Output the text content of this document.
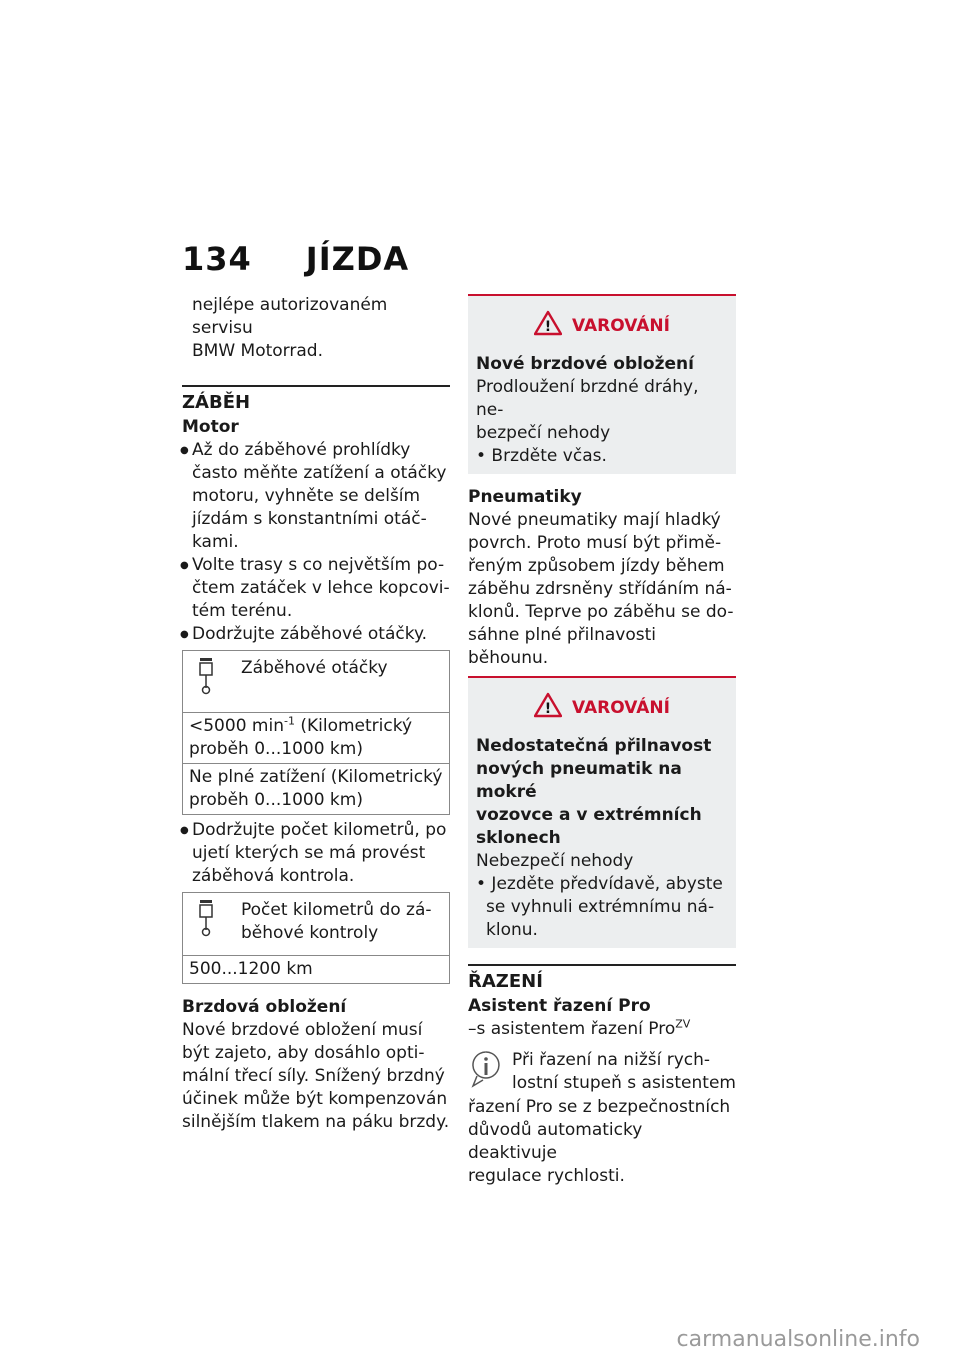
134 JÍZDA

nejlépe autorizovaném servisu

BMW Motorrad.

ZÁBĚH
Motor
● Až do záběhové prohlídky
často měňte zatížení a otáčky
motoru, vyhněte se delším
jízdám s konstantními otáč-
kami.
● Volte trasy s co největším po-
čtem zatáček v lehce kopcovi-
tém terénu.
● Dodržujte záběhové otáčky.
Záběhové otáčky
<5000 $\min^{-1}$ (Kilometrický
proběh 0...1000 km)
Ne plné zatížení (Kilometrický
proběh 0...1000 km)
● Dodržujte počet kilometrů, po
ujetí kterých se má provést
záběhová kontrola.
Počet kilometrů do zá-
běhové kontroly
500...1200 km
Brzdová obložení

Nové brzdové obložení musí

být zajeto, aby dosáhlo opti-

mální třecí síly. Snížený brzdný

účinek může být kompenzován

silnějším tlakem na páku brzdy.

! VAROVÁNÍ
Nové brzdové obložení

Prodloužení brzdné dráhy, ne-

bezpečí nehody

• Brzděte včas.

Pneumatiky

Nové pneumatiky mají hladký

povrch. Proto musí být přimě-

řeným způsobem jízdy během

záběhu zdrsněny střídáním ná-

klonů. Teprve po záběhu se do-

sáhne plné přilnavosti běhounu.

! VAROVÁNÍ
Nedostatečná přilnavost
nových pneumatik na mokré
vozovce a v extrémních
sklonech

Nebezpečí nehody

• Jezděte předvídavě, abyste

se vyhnuli extrémnímu ná-

klonu.

ŘAZENÍ
Asistent řazení Pro

–s asistentem řazení Pro$^{ZV}$

Při řazení na nižší rych-

lostní stupeň s asistentem

řazení Pro se z bezpečnostních

důvodů automaticky deaktivuje

regulace rychlosti.

carmanualsonline.info
